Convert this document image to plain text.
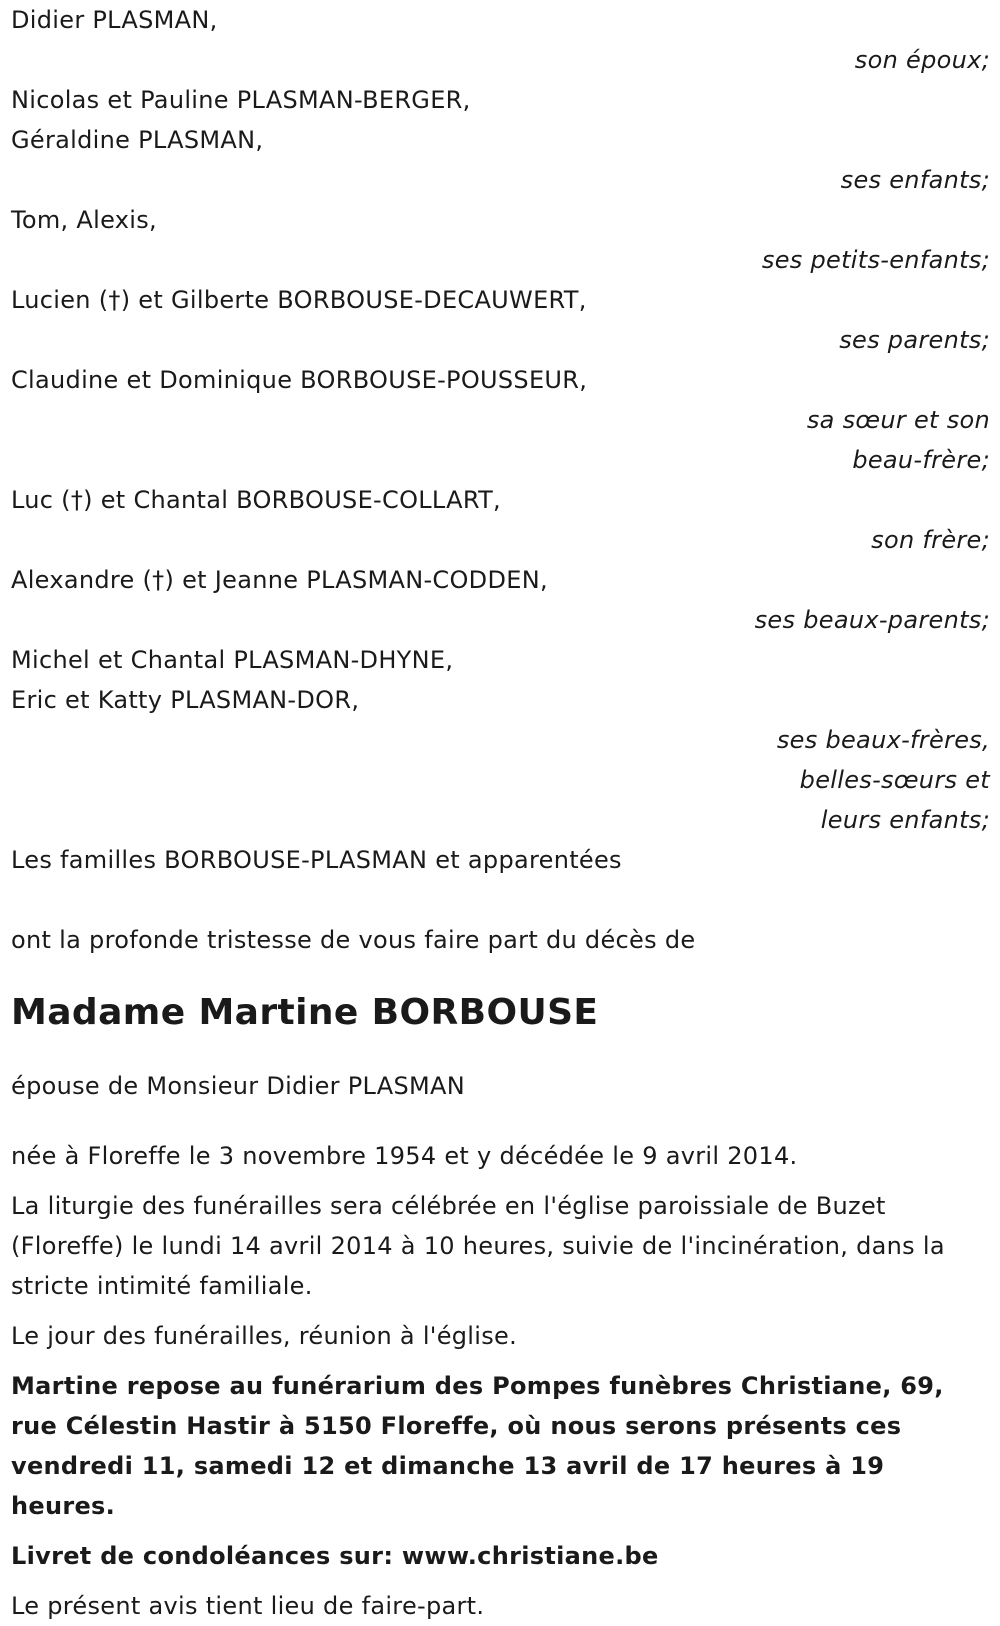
Didier PLASMAN,
son époux;
Nicolas et Pauline PLASMAN-BERGER,
Géraldine PLASMAN,
ses enfants;
Tom, Alexis,
ses petits-enfants;
Lucien (†) et Gilberte BORBOUSE-DECAUWERT,
ses parents;
Claudine et Dominique BORBOUSE-POUSSEUR,
sa sœur et son
beau-frère;
Luc (†) et Chantal BORBOUSE-COLLART,
son frère;
Alexandre (†) et Jeanne PLASMAN-CODDEN,
ses beaux-parents;
Michel et Chantal PLASMAN-DHYNE,
Eric et Katty PLASMAN-DOR,
ses beaux-frères,
belles-sœurs et
leurs enfants;
Les familles BORBOUSE-PLASMAN et apparentées
ont la profonde tristesse de vous faire part du décès de
Madame Martine BORBOUSE
épouse de Monsieur Didier PLASMAN

née à Floreffe le 3 novembre 1954 et y décédée le 9 avril 2014.

La liturgie des funérailles sera célébrée en l'église paroissiale de Buzet (Floreffe) le lundi 14 avril 2014 à 10 heures, suivie de l'incinération, dans la stricte intimité familiale.

Le jour des funérailles, réunion à l'église.

Martine repose au funérarium des Pompes funèbres Christiane, 69, rue Célestin Hastir à 5150 Floreffe, où nous serons présents ces vendredi 11, samedi 12 et dimanche 13 avril de 17 heures à 19 heures.

Livret de condoléances sur: www.christiane.be

Le présent avis tient lieu de faire-part.
